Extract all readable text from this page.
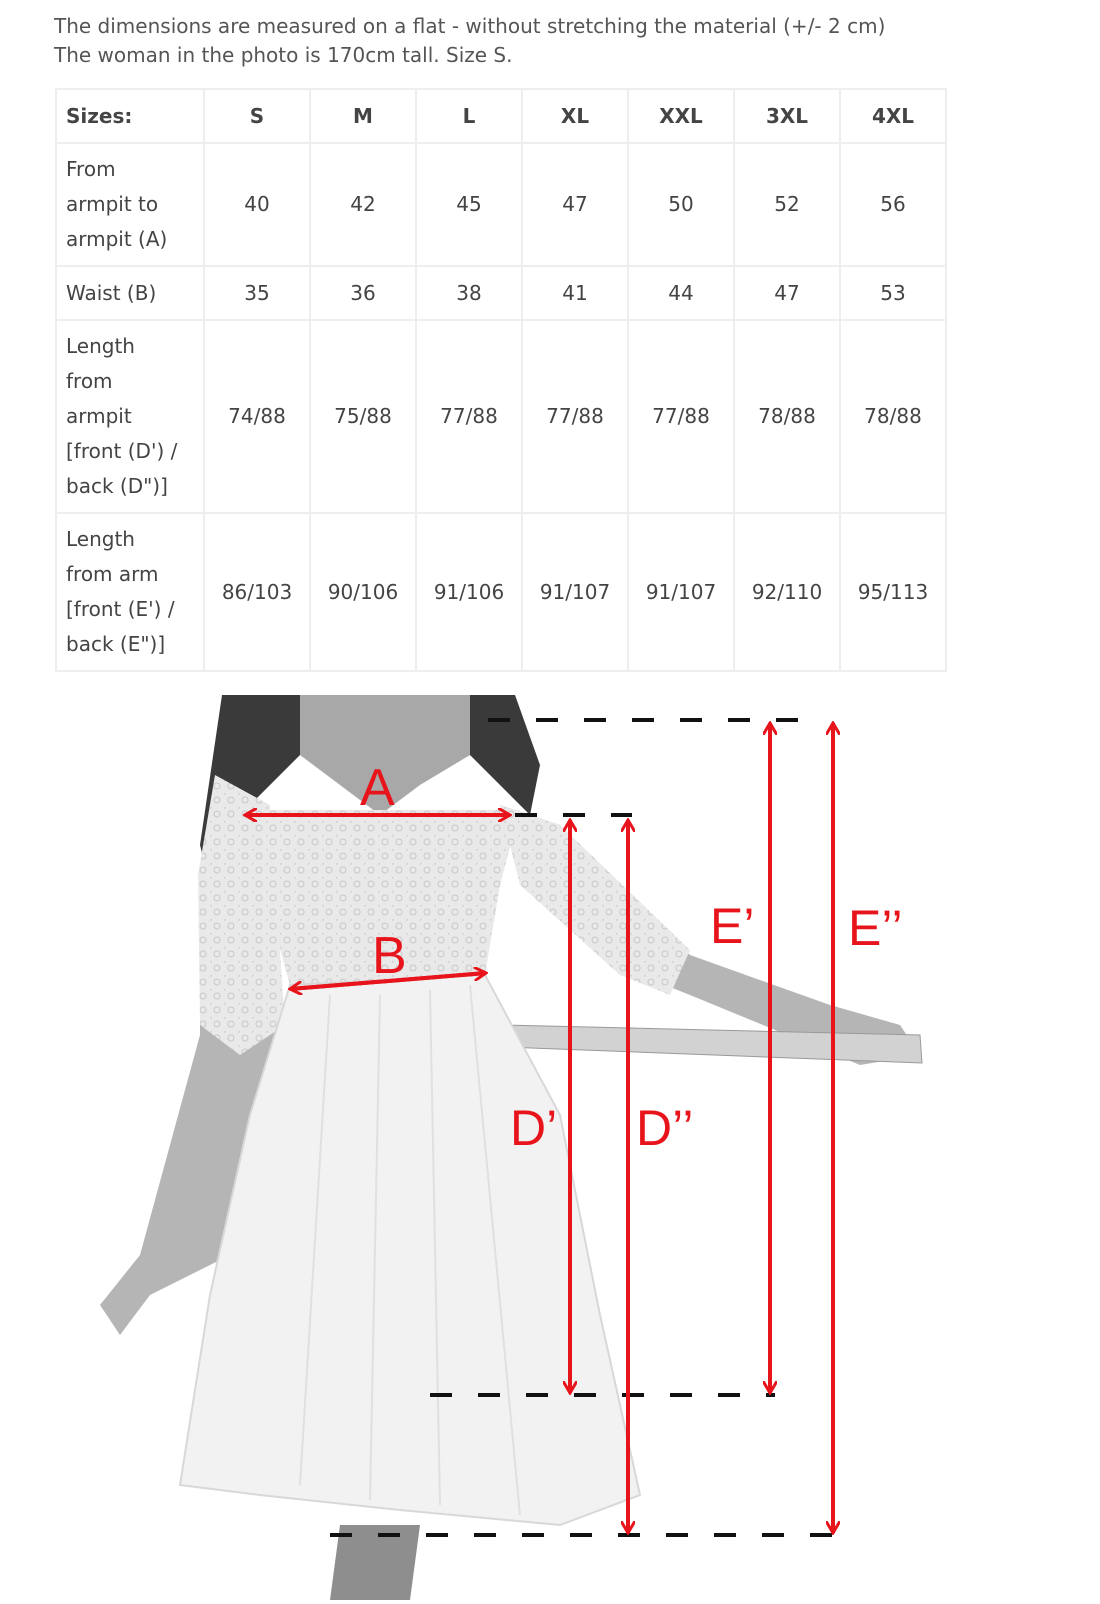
The dimensions are measured on a flat - without stretching the material (+/- 2 cm)
The woman in the photo is 170cm tall. Size S.
Sizes:	S	M	L	XL	XXL	3XL	4XL

From
armpit to
armpit (A)	40	42	45	47	50	52	56

Waist (B)	35	36	38	41	44	47	53

Length
from
armpit
[front (D') /
back (D")]	74/88	75/88	77/88	77/88	77/88	78/88	78/88

Length
from arm
[front (E') /
back (E")]	86/103	90/106	91/106	91/107	91/107	92/110	95/113
A
B
D’ D’’
E’ E’’
